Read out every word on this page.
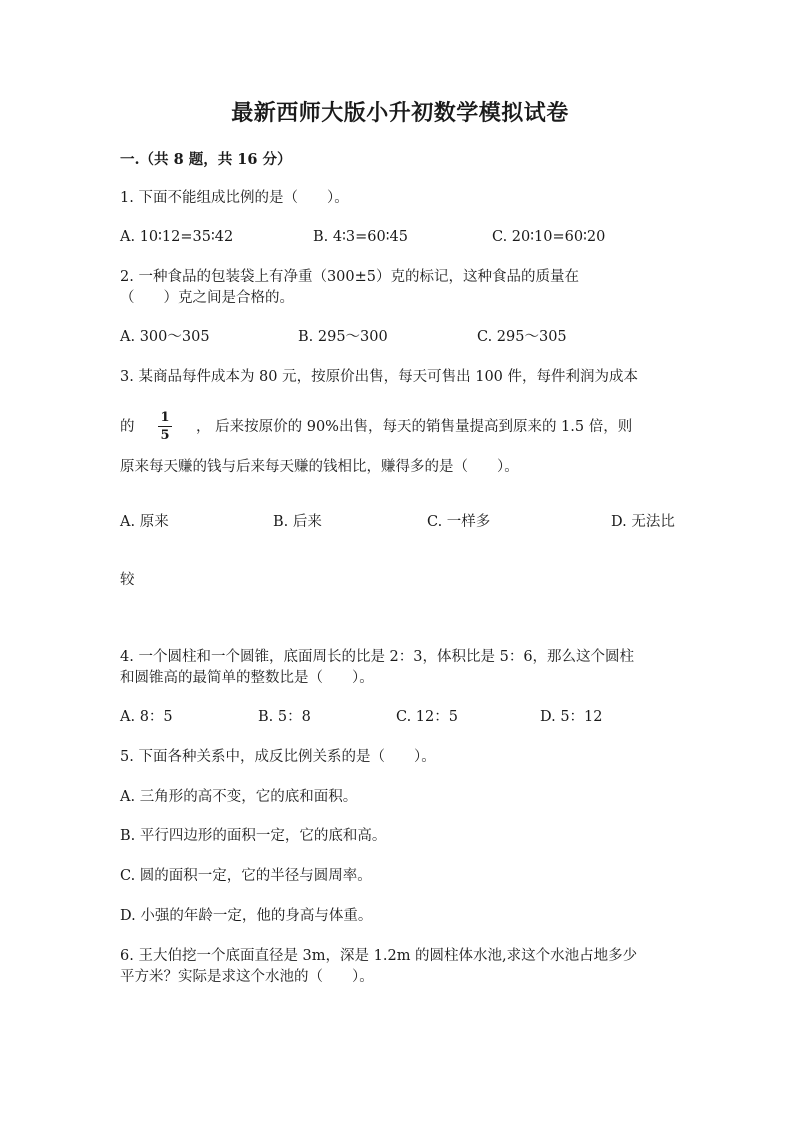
最新西师大版小升初数学模拟试卷
一.（共 8 题，共 16 分）
1. 下面不能组成比例的是（　　）。
A. 10∶12=35∶42	B. 4∶3=60∶45	C. 20∶10=60∶20
2. 一种食品的包装袋上有净重（300±5）克的标记，这种食品的质量在
（　　）克之间是合格的。
A. 300～305	B. 295～300	C. 295～305
3. 某商品每件成本为 80 元，按原价出售，每天可售出 100 件，每件利润为成本
的
1
5
， 后来按原价的 90%出售，每天的销售量提高到原来的 1.5 倍，则
原来每天赚的钱与后来每天赚的钱相比，赚得多的是（　　）。
A. 原来	B. 后来	C. 一样多	D. 无法比
较
4. 一个圆柱和一个圆锥，底面周长的比是 2：3，体积比是 5：6，那么这个圆柱
和圆锥高的最简单的整数比是（　　）。
A. 8：5	B. 5：8	C. 12：5	D. 5：12
5. 下面各种关系中，成反比例关系的是（　　）。
A. 三角形的高不变，它的底和面积。
B. 平行四边形的面积一定，它的底和高。
C. 圆的面积一定，它的半径与圆周率。
D. 小强的年龄一定，他的身高与体重。
6. 王大伯挖一个底面直径是 3m，深是 1.2m 的圆柱体水池,求这个水池占地多少
平方米？实际是求这个水池的（　　）。
